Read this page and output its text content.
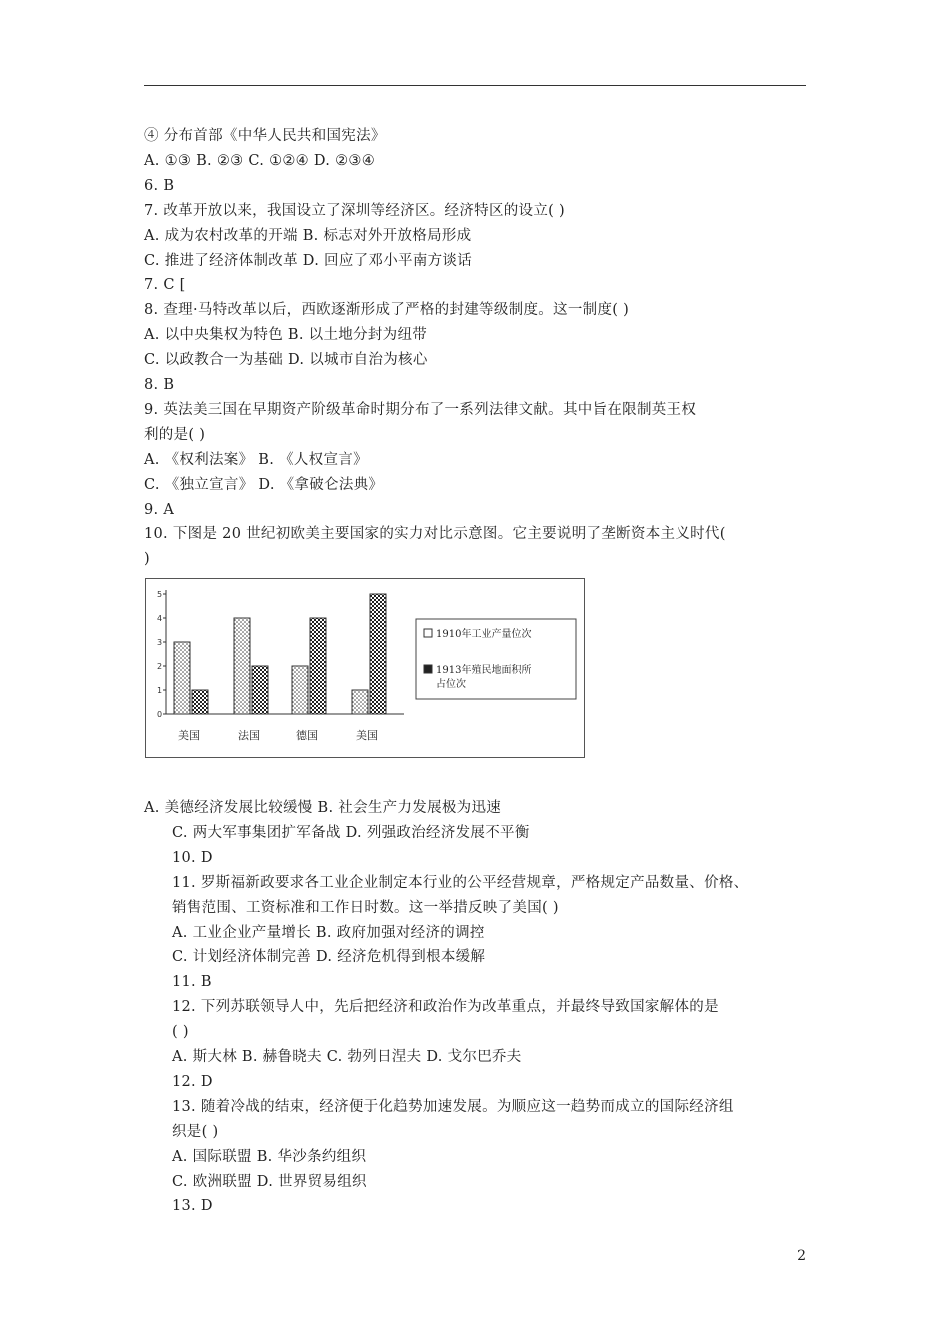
④ 分布首部《中华人民共和国宪法》
A. ①③ B. ②③ C. ①②④ D. ②③④
6. B
7. 改革开放以来，我国设立了深圳等经济区。经济特区的设立( )
A. 成为农村改革的开端 B. 标志对外开放格局形成
C. 推进了经济体制改革 D. 回应了邓小平南方谈话
7. C [
8. 查理·马特改革以后，西欧逐渐形成了严格的封建等级制度。这一制度( )
A. 以中央集权为特色 B. 以土地分封为纽带
C. 以政教合一为基础 D. 以城市自治为核心
8. B
9. 英法美三国在早期资产阶级革命时期分布了一系列法律文献。其中旨在限制英王权
利的是( )
A. 《权利法案》 B. 《人权宣言》
C. 《独立宣言》 D. 《拿破仑法典》
9. A
10. 下图是 20 世纪初欧美主要国家的实力对比示意图。它主要说明了垄断资本主义时代(
)
0
1
2
3
4
5
美国	法国	德国	美国
1910年工业产量位次
1913年殖民地面积所
占位次
A. 美德经济发展比较缓慢 B. 社会生产力发展极为迅速
C. 两大军事集团扩军备战 D. 列强政治经济发展不平衡
10. D
11. 罗斯福新政要求各工业企业制定本行业的公平经营规章，严格规定产品数量、价格、
销售范围、工资标准和工作日时数。这一举措反映了美国( )
A. 工业企业产量增长 B. 政府加强对经济的调控
C. 计划经济体制完善 D. 经济危机得到根本缓解
11. B
12. 下列苏联领导人中，先后把经济和政治作为改革重点，并最终导致国家解体的是
( )
A. 斯大林 B. 赫鲁晓夫 C. 勃列日涅夫 D. 戈尔巴乔夫
12. D
13. 随着冷战的结束，经济便于化趋势加速发展。为顺应这一趋势而成立的国际经济组
织是( )
A. 国际联盟 B. 华沙条约组织
C. 欧洲联盟 D. 世界贸易组织
13. D
2
